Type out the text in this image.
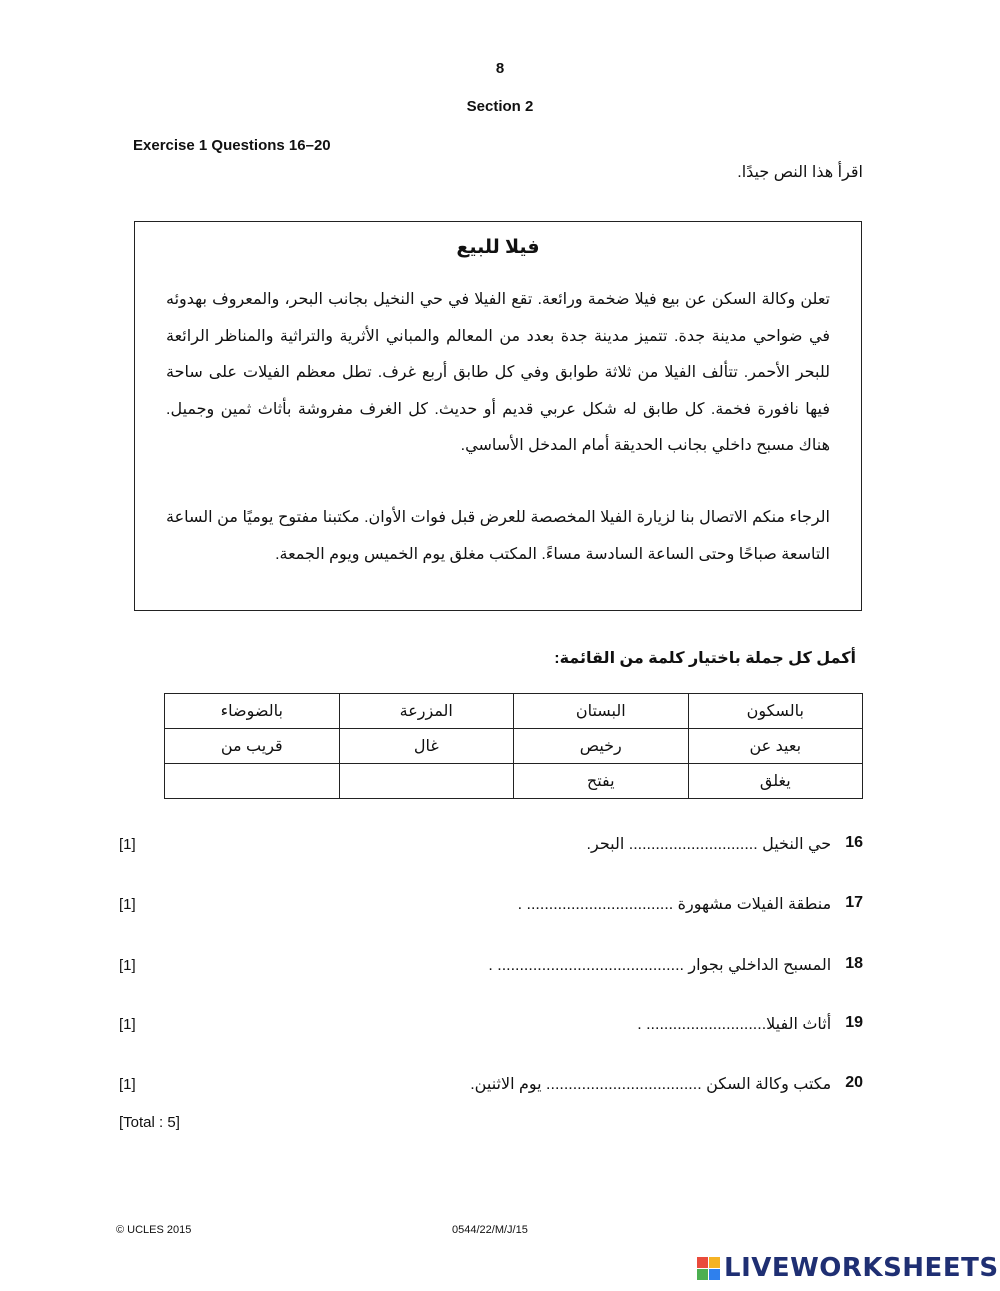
8
Section 2
Exercise 1 Questions 16–20
اقرأ هذا النص جيدًا.
فيلا للبيع
تعلن وكالة السكن عن بيع فيلا ضخمة ورائعة. تقع الفيلا في حي النخيل بجانب البحر، والمعروف بهدوئه في ضواحي مدينة جدة. تتميز مدينة جدة بعدد من المعالم والمباني الأثرية والتراثية والمناظر الرائعة للبحر الأحمر. تتألف الفيلا من ثلاثة طوابق وفي كل طابق أربع غرف. تطل معظم الفيلات على ساحة فيها نافورة فخمة. كل طابق له شكل عربي قديم أو حديث. كل الغرف مفروشة بأثاث ثمين وجميل. هناك مسبح داخلي بجانب الحديقة أمام المدخل الأساسي.
الرجاء منكم الاتصال بنا لزيارة الفيلا المخصصة للعرض قبل فوات الأوان. مكتبنا مفتوح يوميًا من الساعة التاسعة صباحًا وحتى الساعة السادسة مساءً. المكتب مغلق يوم الخميس ويوم الجمعة.
أكمل كل جملة باختيار كلمة من القائمة:
بالسكون	البستان	المزرعة	بالضوضاء
بعيد عن	رخيص	غال	قريب من
يغلق	يفتح		
16
حي النخيل ............................. البحر.
[1]
17
منطقة الفيلات مشهورة ................................. .
[1]
18
المسبح الداخلي بجوار .......................................... .
[1]
19
أثاث الفيلا........................... .
[1]
20
مكتب وكالة السكن ................................... يوم الاثنين.
[1]
[Total : 5]
© UCLES 2015	0544/22/M/J/15
LIVEWORKSHEETS
